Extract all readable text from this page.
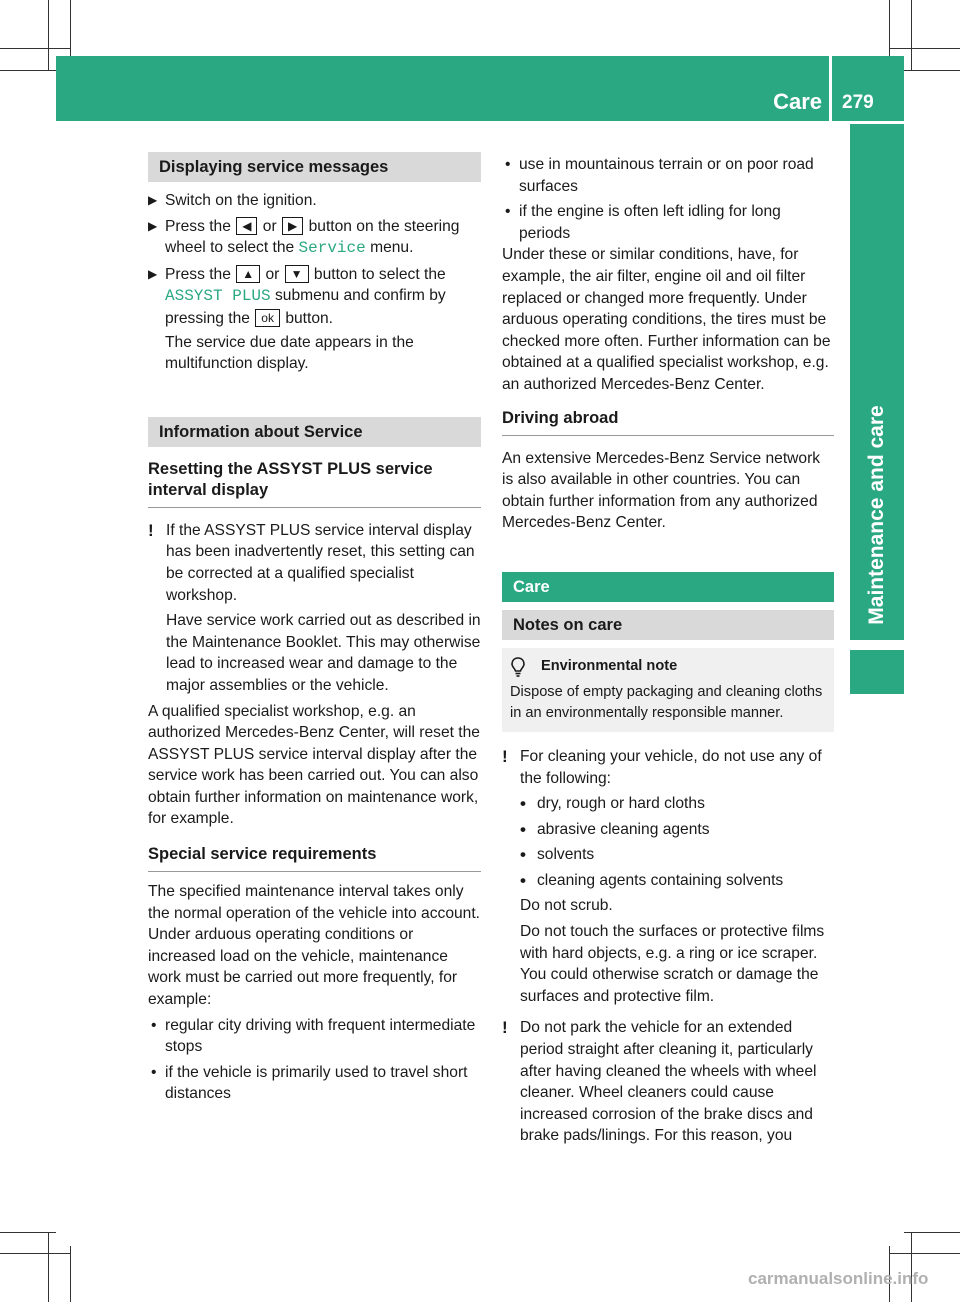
Care 279
Maintenance and care
Displaying service messages
▶ Switch on the ignition.
▶ Press the ◀ or ▶ button on the steering wheel to select the Service menu.
▶ Press the ▲ or ▼ button to select the ASSYST PLUS submenu and confirm by pressing the ok button.
The service due date appears in the multifunction display.
Information about Service
Resetting the ASSYST PLUS service interval display
! If the ASSYST PLUS service interval display has been inadvertently reset, this setting can be corrected at a qualified specialist workshop.

Have service work carried out as described in the Maintenance Booklet. This may otherwise lead to increased wear and damage to the major assemblies or the vehicle.

A qualified specialist workshop, e.g. an authorized Mercedes-Benz Center, will reset the ASSYST PLUS service interval display after the service work has been carried out. You can also obtain further information on maintenance work, for example.

Special service requirements

The specified maintenance interval takes only the normal operation of the vehicle into account. Under arduous operating conditions or increased load on the vehicle, maintenance work must be carried out more frequently, for example:

• regular city driving with frequent intermediate stops
• if the vehicle is primarily used to travel short distances
• use in mountainous terrain or on poor road surfaces
• if the engine is often left idling for long periods

Under these or similar conditions, have, for example, the air filter, engine oil and oil filter replaced or changed more frequently. Under arduous operating conditions, the tires must be checked more often. Further information can be obtained at a qualified specialist workshop, e.g. an authorized Mercedes-Benz Center.

Driving abroad

An extensive Mercedes-Benz Service network is also available in other countries. You can obtain further information from any authorized Mercedes-Benz Center.

Care
Notes on care
Environmental note

Dispose of empty packaging and cleaning cloths in an environmentally responsible manner.

! For cleaning your vehicle, do not use any of the following:

• dry, rough or hard cloths
• abrasive cleaning agents
• solvents
• cleaning agents containing solvents

Do not scrub.

Do not touch the surfaces or protective films with hard objects, e.g. a ring or ice scraper. You could otherwise scratch or damage the surfaces and protective film.

! Do not park the vehicle for an extended period straight after cleaning it, particularly after having cleaned the wheels with wheel cleaner. Wheel cleaners could cause increased corrosion of the brake discs and brake pads/linings. For this reason, you

carmanualsonline.info
